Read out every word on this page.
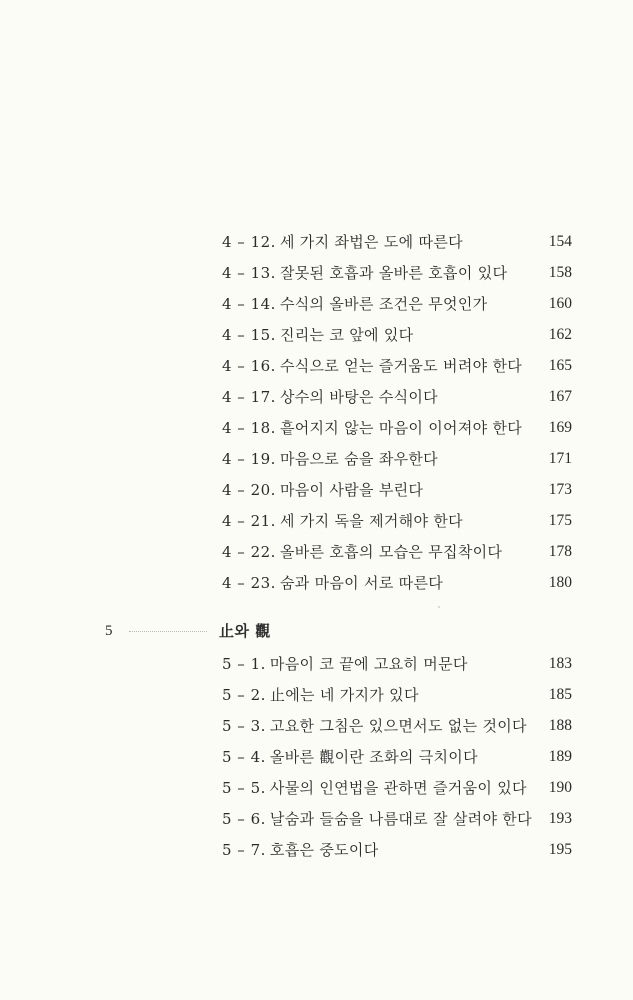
4 – 12. 세 가지 좌법은 도에 따른다	154
4 – 13. 잘못된 호흡과 올바른 호흡이 있다	158
4 – 14. 수식의 올바른 조건은 무엇인가	160
4 – 15. 진리는 코 앞에 있다	162
4 – 16. 수식으로 얻는 즐거움도 버려야 한다 165
4 – 17. 상수의 바탕은 수식이다	167
4 – 18. 흩어지지 않는 마음이 이어져야 한다 169
4 – 19. 마음으로 숨을 좌우한다	171
4 – 20. 마음이 사람을 부린다	173
4 – 21. 세 가지 독을 제거해야 한다	175
4 – 22. 올바른 호흡의 모습은 무집착이다	178
4 – 23. 숨과 마음이 서로 따른다	180
5	止와 觀
5 – 1. 마음이 코 끝에 고요히 머문다	183
5 – 2. 止에는 네 가지가 있다	185
5 – 3. 고요한 그침은 있으면서도 없는 것이다 188
5 – 4. 올바른 觀이란 조화의 극치이다	189
5 – 5. 사물의 인연법을 관하면 즐거움이 있다 190
5 – 6. 날숨과 들숨을 나름대로 잘 살려야 한다 193
5 – 7. 호흡은 중도이다	195
